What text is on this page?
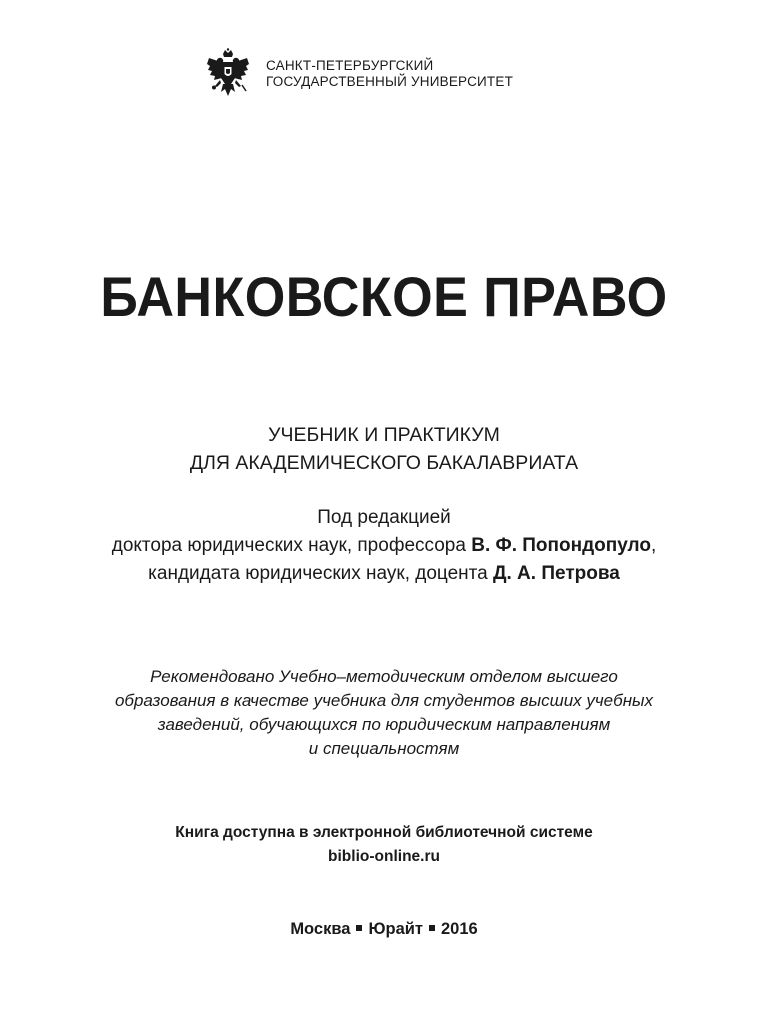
САНКТ-ПЕТЕРБУРГСКИЙ
ГОСУДАРСТВЕННЫЙ УНИВЕРСИТЕТ
БАНКОВСКОЕ ПРАВО
УЧЕБНИК И ПРАКТИКУМ
ДЛЯ АКАДЕМИЧЕСКОГО БАКАЛАВРИАТА
Под редакцией
доктора юридических наук, профессора В. Ф. Попондопуло,
кандидата юридических наук, доцента Д. А. Петрова
Рекомендовано Учебно–методическим отделом высшего
образования в качестве учебника для студентов высших учебных
заведений, обучающихся по юридическим направлениям
и специальностям
Книга доступна в электронной библиотечной системе
biblio-online.ru
Москва Юрайт 2016
